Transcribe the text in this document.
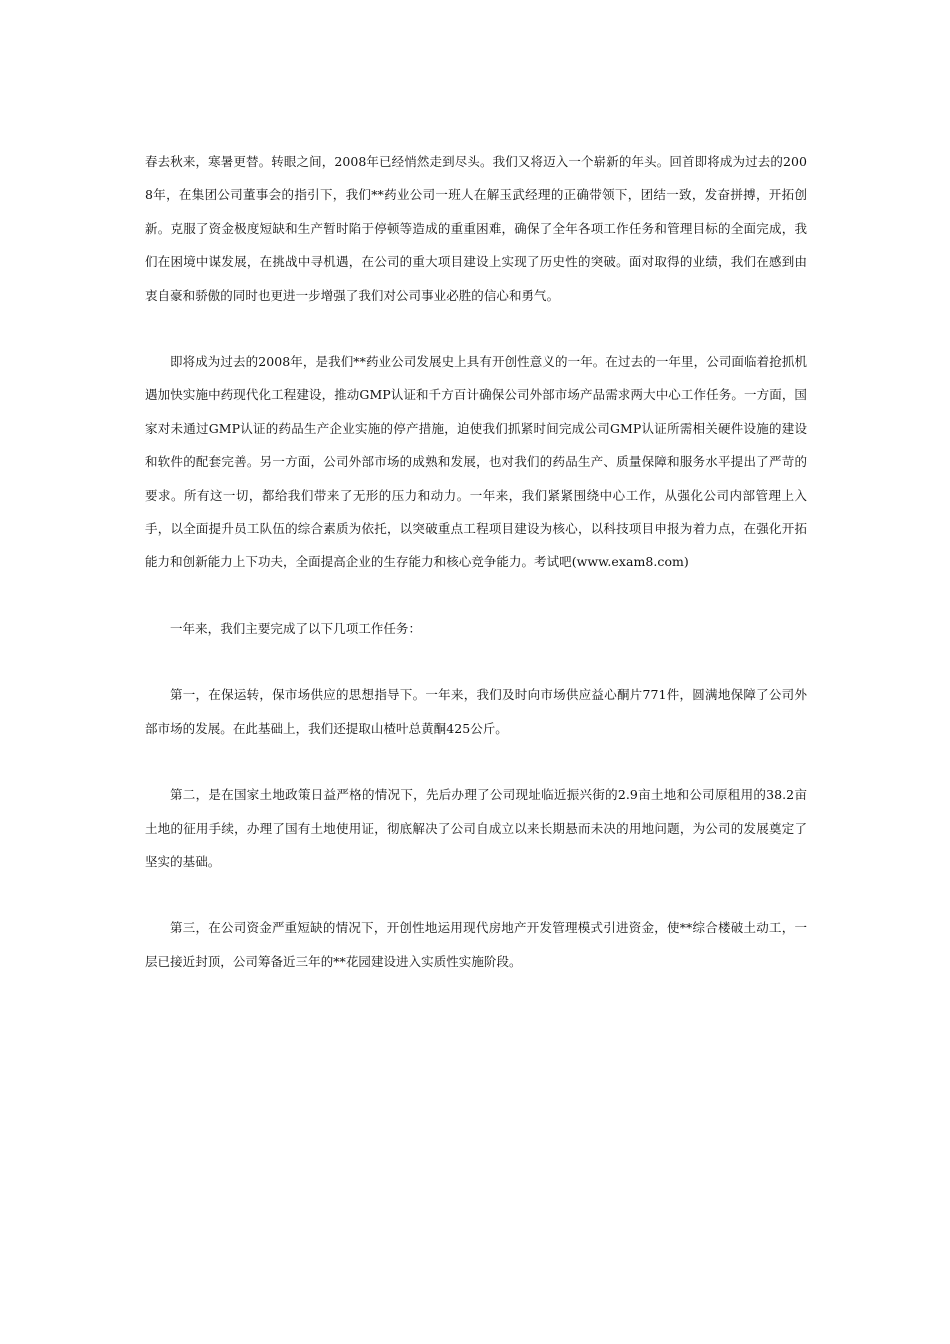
春去秋来，寒暑更替。转眼之间，2008年已经悄然走到尽头。我们又将迈入一个崭新的年头。回首即将成为过去的2008年，在集团公司董事会的指引下，我们**药业公司一班人在解玉武经理的正确带领下，团结一致，发奋拼搏，开拓创新。克服了资金极度短缺和生产暂时陷于停顿等造成的重重困难，确保了全年各项工作任务和管理目标的全面完成，我们在困境中谋发展，在挑战中寻机遇，在公司的重大项目建设上实现了历史性的突破。面对取得的业绩，我们在感到由衷自豪和骄傲的同时也更进一步增强了我们对公司事业必胜的信心和勇气。

即将成为过去的2008年，是我们**药业公司发展史上具有开创性意义的一年。在过去的一年里，公司面临着抢抓机遇加快实施中药现代化工程建设，推动GMP认证和千方百计确保公司外部市场产品需求两大中心工作任务。一方面，国家对未通过GMP认证的药品生产企业实施的停产措施，迫使我们抓紧时间完成公司GMP认证所需相关硬件设施的建设和软件的配套完善。另一方面，公司外部市场的成熟和发展，也对我们的药品生产、质量保障和服务水平提出了严苛的要求。所有这一切，都给我们带来了无形的压力和动力。一年来，我们紧紧围绕中心工作，从强化公司内部管理上入手，以全面提升员工队伍的综合素质为依托，以突破重点工程项目建设为核心，以科技项目申报为着力点，在强化开拓能力和创新能力上下功夫，全面提高企业的生存能力和核心竞争能力。考试吧(www.exam8.com)

一年来，我们主要完成了以下几项工作任务：

第一，在保运转，保市场供应的思想指导下。一年来，我们及时向市场供应益心酮片771件，圆满地保障了公司外部市场的发展。在此基础上，我们还提取山楂叶总黄酮425公斤。

第二，是在国家土地政策日益严格的情况下，先后办理了公司现址临近振兴街的2.9亩土地和公司原租用的38.2亩土地的征用手续，办理了国有土地使用证，彻底解决了公司自成立以来长期悬而未决的用地问题，为公司的发展奠定了坚实的基础。

第三，在公司资金严重短缺的情况下，开创性地运用现代房地产开发管理模式引进资金，使**综合楼破土动工，一层已接近封顶，公司筹备近三年的**花园建设进入实质性实施阶段。
